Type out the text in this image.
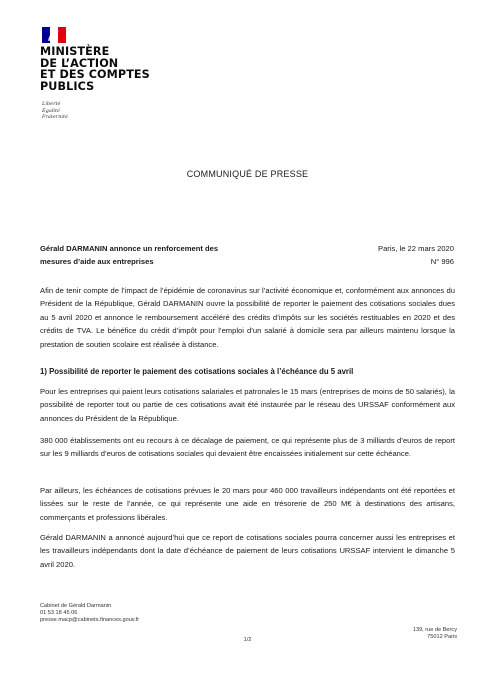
MINISTÈRE
DE L’ACTION
ET DES COMPTES
PUBLICS
Liberté
Égalité
Fraternité
COMMUNIQUÉ DE PRESSE
Gérald DARMANIN annonce un renforcement des
mesures d’aide aux entreprises
Paris, le 22 mars 2020
N° 996
Afin de tenir compte de l’impact de l’épidémie de coronavirus sur l’activité économique et, conformément aux annonces du Président de la République, Gérald DARMANIN ouvre la possibilité de reporter le paiement des cotisations sociales dues au 5 avril 2020 et annonce le remboursement accéléré des crédits d’impôts sur les sociétés restituables en 2020 et des crédits de TVA. Le bénéfice du crédit d’impôt pour l’emploi d’un salarié à domicile sera par ailleurs maintenu lorsque la prestation de soutien scolaire est réalisée à distance.
1) Possibilité de reporter le paiement des cotisations sociales à l’échéance du 5 avril
Pour les entreprises qui paient leurs cotisations salariales et patronales le 15 mars (entreprises de moins de 50 salariés), la possibilité de reporter tout ou partie de ces cotisations avait été instaurée par le réseau des URSSAF conformément aux annonces du Président de la République.
380 000 établissements ont eu recours à ce décalage de paiement, ce qui représente plus de 3 milliards d’euros de report sur les 9 milliards d’euros de cotisations sociales qui devaient être encaissées initialement sur cette échéance.
Par ailleurs, les échéances de cotisations prévues le 20 mars pour 460 000 travailleurs indépendants ont été reportées et lissées sur le reste de l’année, ce qui représente une aide en trésorerie de 250 M€ à destinations des artisans, commerçants et professions libérales.
Gérald DARMANIN a annoncé aujourd’hui que ce report de cotisations sociales pourra concerner aussi les entreprises et les travailleurs indépendants dont la date d’échéance de paiement de leurs cotisations URSSAF intervient le dimanche 5 avril 2020.
Cabinet de Gérald Darmanin
01 53 18 45 06
presse.macp@cabinets.finances.gouv.fr
139, rue de Bercy
75012 Paris
1/2
